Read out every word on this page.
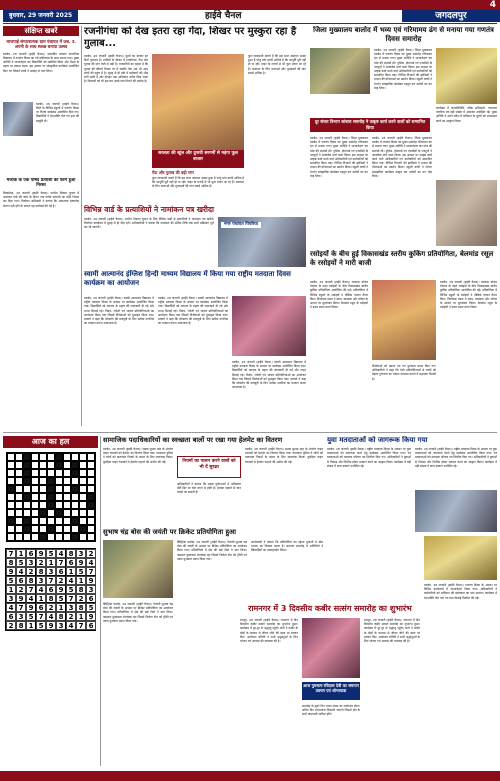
4
बुधवार, 29 जनवरी 2025	हाईवे चैनल	जगदलपुर
संक्षिप्त खबरें
भाजपाई संगठनात्मक ग्राम पंचायत में जब. उ. अपनी के साथ स्वच्छ बनाया उत्सव
बालोद, 28 जनवरी (हाईवे चैनल)। शासकीय उच्चतर माध्यमिक विद्यालय में गणतंत्र दिवस का पर्व हर्षोल्लास के साथ मनाया गया। मुख्य अतिथि ने ध्वजारोहण कर विद्यार्थियों को संबोधित किया और शिक्षा के महत्व पर प्रकाश डाला। इस अवसर पर सांस्कृतिक कार्यक्रम आयोजित किए गए जिसमें बच्चों ने उत्साह से भाग लिया।
बालोद, 28 जनवरी (हाईवे चैनल)। जिले के विभिन्न स्कूलों में गणतंत्र दिवस पर विशेष कार्यक्रम आयोजित किए गए। विद्यार्थियों ने देशभक्ति गीत एवं नृत्य की प्रस्तुति दी।
मजाक के एक पार्षद प्रत्याशी का फॉर्म हुआ निरस्त
बिलाईगढ़, 28 जनवरी (हाईवे चैनल)। नगरीय निकाय चुनाव में नामांकन पत्रों की जांच के दौरान एक पार्षद प्रत्याशी का फॉर्म निरस्त कर दिया गया। निर्वाचन अधिकारी ने बताया कि आवश्यक दस्तावेज संलग्न नहीं होने के कारण यह कार्रवाई की गई है।
रजनीगंधा को देख इतरा रहा गेंदा, शिखर पर मुस्कुरा रहा है गुलाब...
बालोद, 28 जनवरी (हाईवे चैनल)। फूलों का बाजार इन दिनों गुलजार है। शादियों के सीजन में रजनीगंधा, गेंदा और गुलाब की मांग तेजी से बढ़ी है। व्यापारियों का कहना है कि गुलाब की कीमतें शिखर पर हैं जबकि गेंदा अब भी आम लोगों की पहुंच में है। सुबह से ही मंडी में खरीदारों की भीड़ लगी रहती है और दोपहर तक अधिकांश स्टॉक बिक जाता है। किसानों को भी इस बार अच्छे दाम मिलने की उम्मीद है।
सरलता की खूंज और दुनावी सरगर्मी से महंगा फूल बाजार
गेंदा और गुलाब की बढ़ी मांग
फूल व्यवसायी बताते हैं कि इस साल उत्पादन अच्छा हुआ है परंतु मांग इतनी अधिक है कि आपूर्ति पूरी नहीं हो पा रही। बाहर के राज्यों से भी फूल मंगाए जा रहे हैं। सजावट के लिए मालाओं और गुलदस्तों की मांग सबसे अधिक है।
फूल व्यवसायी बताते हैं कि इस साल उत्पादन अच्छा हुआ है परंतु मांग इतनी अधिक है कि आपूर्ति पूरी नहीं हो पा रही। बाहर के राज्यों से भी फूल मंगाए जा रहे हैं। सजावट के लिए मालाओं और गुलदस्तों की मांग सबसे अधिक है।
विभिन्न वार्ड के प्रत्याशियों ने नामांकन पत्र खरीदा
बालोद, 28 जनवरी (हाईवे चैनल)। नगरीय निकाय चुनाव के लिए विभिन्न वार्डों से प्रत्याशियों ने नामांकन पत्र खरीदे। निर्वाचन कार्यालय में सुबह से ही भीड़ रही। अधिकारियों ने बताया कि नामांकन की अंतिम तिथि तक सभी प्रक्रियाएं पूर्ण कर ली जाएंगी।
नगर पंचायत पिपरिया
स्वामी आत्मानंद इंग्लिश हिन्दी माध्यम विद्यालय में किया गया राष्ट्रीय मतदाता दिवस कार्यक्रम का आयोजन
बालोद, 28 जनवरी (हाईवे चैनल)। स्वामी आत्मानंद विद्यालय में राष्ट्रीय मतदाता दिवस के अवसर पर कार्यक्रम आयोजित किया गया। विद्यार्थियों को मतदान के महत्व की जानकारी दी गई और शपथ दिलाई गई। निबंध, रंगोली एवं भाषण प्रतियोगिताओं का आयोजन किया गया जिसमें विजेताओं को पुरस्कृत किया गया। प्राचार्य ने कहा कि लोकतंत्र की मजबूती के लिए प्रत्येक नागरिक का मतदान करना आवश्यक है।
बालोद, 28 जनवरी (हाईवे चैनल)। स्वामी आत्मानंद विद्यालय में राष्ट्रीय मतदाता दिवस के अवसर पर कार्यक्रम आयोजित किया गया। विद्यार्थियों को मतदान के महत्व की जानकारी दी गई और शपथ दिलाई गई। निबंध, रंगोली एवं भाषण प्रतियोगिताओं का आयोजन किया गया जिसमें विजेताओं को पुरस्कृत किया गया। प्राचार्य ने कहा कि लोकतंत्र की मजबूती के लिए प्रत्येक नागरिक का मतदान करना आवश्यक है।
बालोद, 28 जनवरी (हाईवे चैनल)। स्वामी आत्मानंद विद्यालय में राष्ट्रीय मतदाता दिवस के अवसर पर कार्यक्रम आयोजित किया गया। विद्यार्थियों को मतदान के महत्व की जानकारी दी गई और शपथ दिलाई गई। निबंध, रंगोली एवं भाषण प्रतियोगिताओं का आयोजन किया गया जिसमें विजेताओं को पुरस्कृत किया गया। प्राचार्य ने कहा कि लोकतंत्र की मजबूती के लिए प्रत्येक नागरिक का मतदान करना आवश्यक है।
जिला मुख्यालय बालोद में भव्य एवं गरिमामय ढंग से मनाया गया गणतंत्र दिवस समारोह
बालोद, 28 जनवरी (हाईवे चैनल)। जिला मुख्यालय बालोद में गणतंत्र दिवस का मुख्य समारोह गरिमामय ढंग से मनाया गया। मुख्य अतिथि ने ध्वजारोहण कर परेड की सलामी ली। पुलिस, होमगार्ड एवं एनसीसी के प्लाटूनों ने आकर्षक मार्च पास्ट किया। इस अवसर पर उत्कृष्ट कार्य करने वाले अधिकारियों एवं कर्मचारियों को सम्मानित किया गया। विभिन्न विभागों की झांकियों ने शासन की योजनाओं का प्रदर्शन किया। स्कूली बच्चों ने रंगारंग सांस्कृतिक कार्यक्रम प्रस्तुत कर दर्शकों का मन मोह लिया।
दूर संचार विभाग सांबारा समारोह ने उत्कृष्ट कार्य करने वालों को सम्मानित किया
कार्यक्रम में जनप्रतिनिधि, वरिष्ठ अधिकारी, गणमान्य नागरिक एवं बड़ी संख्या में आमजन उपस्थित रहे। मुख्य अतिथि ने अपने संदेश में संविधान के मूल्यों को आत्मसात करने का आह्वान किया।
बालोद, 28 जनवरी (हाईवे चैनल)। जिला मुख्यालय बालोद में गणतंत्र दिवस का मुख्य समारोह गरिमामय ढंग से मनाया गया। मुख्य अतिथि ने ध्वजारोहण कर परेड की सलामी ली। पुलिस, होमगार्ड एवं एनसीसी के प्लाटूनों ने आकर्षक मार्च पास्ट किया। इस अवसर पर उत्कृष्ट कार्य करने वाले अधिकारियों एवं कर्मचारियों को सम्मानित किया गया। विभिन्न विभागों की झांकियों ने शासन की योजनाओं का प्रदर्शन किया। स्कूली बच्चों ने रंगारंग सांस्कृतिक कार्यक्रम प्रस्तुत कर दर्शकों का मन मोह लिया।
बालोद, 28 जनवरी (हाईवे चैनल)। जिला मुख्यालय बालोद में गणतंत्र दिवस का मुख्य समारोह गरिमामय ढंग से मनाया गया। मुख्य अतिथि ने ध्वजारोहण कर परेड की सलामी ली। पुलिस, होमगार्ड एवं एनसीसी के प्लाटूनों ने आकर्षक मार्च पास्ट किया। इस अवसर पर उत्कृष्ट कार्य करने वाले अधिकारियों एवं कर्मचारियों को सम्मानित किया गया। विभिन्न विभागों की झांकियों ने शासन की योजनाओं का प्रदर्शन किया। स्कूली बच्चों ने रंगारंग सांस्कृतिक कार्यक्रम प्रस्तुत कर दर्शकों का मन मोह लिया।
रसोइयों के बीच हुई विकासखंड स्तरीय कुकिंग प्रतियोगिता, बेलमांड रसूल के रसोइयों ने मारी बाजी
बालोद, 28 जनवरी (हाईवे चैनल)। मध्यान्ह भोजन योजना के तहत रसोइयों के बीच विकासखंड स्तरीय कुकिंग प्रतियोगिता आयोजित की गई। प्रतियोगिता में विभिन्न स्कूलों के रसोइयों ने पौष्टिक व्यंजन तैयार किए। निर्णायक मंडल ने स्वाद, स्वच्छता और पोषण के आधार पर मूल्यांकन किया। बेलमांड रसूल के रसोइयों ने प्रथम स्थान प्राप्त किया।
बालोद, 28 जनवरी (हाईवे चैनल)। मध्यान्ह भोजन योजना के तहत रसोइयों के बीच विकासखंड स्तरीय कुकिंग प्रतियोगिता आयोजित की गई। प्रतियोगिता में विभिन्न स्कूलों के रसोइयों ने पौष्टिक व्यंजन तैयार किए। निर्णायक मंडल ने स्वाद, स्वच्छता और पोषण के आधार पर मूल्यांकन किया। बेलमांड रसूल के रसोइयों ने प्रथम स्थान प्राप्त किया।
विजेताओं को प्रमाण पत्र एवं पुरस्कार प्रदान किए गए। अधिकारियों ने कहा कि ऐसी प्रतियोगिताओं से बच्चों को बेहतर गुणवत्ता का भोजन उपलब्ध कराने में सहायता मिलती है।
आज का हल
7 1 6 9 5 4 8 3 2
8 5 3 2 1 7 6 9 4
9 4 2 8 3 6 1 5 7
5 6 8 3 7 2 4 1 9
1 2 7 4 6 9 5 8 3
3 9 4 1 8 5 7 2 6
4 7 9 6 2 1 3 8 5
6 3 5 7 4 8 2 1 9
2 8 1 5 9 3 4 7 6
सामाजिक पदाधिकारियों का स्वच्छता बालों पर रखा गया हेलमेट का वितरण
बालोद, 28 जनवरी (हाईवे चैनल)। सड़क सुरक्षा माह के अंतर्गत वाहन चालकों को हेलमेट का वितरण किया गया। यातायात पुलिस ने लोगों को यातायात नियमों के पालन के लिए जागरूक किया। दुपहिया वाहन चालकों से हेलमेट पहनने की अपील की गई।	नियमों का पालन करने वालों को भी दें सुरक्षा
अधिकारियों ने बताया कि सड़क दुर्घटनाओं में अधिकतर मौतें सिर पर चोट लगने से होती हैं। हेलमेट पहनने से जान बचाई जा सकती है।
बालोद, 28 जनवरी (हाईवे चैनल)। सड़क सुरक्षा माह के अंतर्गत वाहन चालकों को हेलमेट का वितरण किया गया। यातायात पुलिस ने लोगों को यातायात नियमों के पालन के लिए जागरूक किया। दुपहिया वाहन चालकों से हेलमेट पहनने की अपील की गई।
युवा मतदाताओं को जागरूक किया गया
बालोद, 28 जनवरी (हाईवे चैनल)। राष्ट्रीय मतदाता दिवस के अवसर पर युवा मतदाताओं को जागरूक करने हेतु कार्यक्रम आयोजित किया गया। नव मतदाताओं को मतदाता परिचय पत्र वितरित किए गए। अधिकारियों ने युवाओं से निष्पक्ष और निर्भीक होकर मतदान करने का आह्वान किया। कार्यक्रम में बड़ी संख्या में छात्र-छात्राएं उपस्थित रहे।
बालोद, 28 जनवरी (हाईवे चैनल)। राष्ट्रीय मतदाता दिवस के अवसर पर युवा मतदाताओं को जागरूक करने हेतु कार्यक्रम आयोजित किया गया। नव मतदाताओं को मतदाता परिचय पत्र वितरित किए गए। अधिकारियों ने युवाओं से निष्पक्ष और निर्भीक होकर मतदान करने का आह्वान किया। कार्यक्रम में बड़ी संख्या में छात्र-छात्राएं उपस्थित रहे।
सुभाष चंद्र बोस की जयंती पर क्रिकेट प्रतियोगिता हुआ
डिस्ट्रिक्ट बालोद, 28 जनवरी (हाईवे चैनल)। नेताजी सुभाष चंद्र बोस की जयंती के अवसर पर क्रिकेट प्रतियोगिता का आयोजन किया गया। प्रतियोगिता में क्षेत्र की कई टीमों ने भाग लिया। फाइनल मुकाबला रोमांचक रहा जिसमें विजेता टीम को ट्रॉफी एवं नकद पुरस्कार प्रदान किया गया।
डिस्ट्रिक्ट बालोद, 28 जनवरी (हाईवे चैनल)। नेताजी सुभाष चंद्र बोस की जयंती के अवसर पर क्रिकेट प्रतियोगिता का आयोजन किया गया। प्रतियोगिता में क्षेत्र की कई टीमों ने भाग लिया। फाइनल मुकाबला रोमांचक रहा जिसमें विजेता टीम को ट्रॉफी एवं नकद पुरस्कार प्रदान किया गया।
आयोजकों ने बताया कि प्रतियोगिता का उद्देश्य युवाओं में खेल भावना का विकास करना है। समापन समारोह में अतिथियों ने खिलाड़ियों का उत्साहवर्धन किया।
रामनगर में 3 दिवसीय कबीर सत्संग समारोह का शुभारंभ
रामपुर, 28 जनवरी (हाईवे चैनल)। रामनगर में तीन दिवसीय कबीर सत्संग समारोह का शुभारंभ हुआ। कार्यक्रम में दूर-दूर से श्रद्धालु पहुंचे। संतों ने कबीर के दोहों के माध्यम से जीवन जीने की कला पर प्रवचन दिए। आयोजन समिति ने सभी श्रद्धालुओं के लिए भोजन एवं आवास की व्यवस्था की है।
आज गुरुसत्य रविदास देवी का समापन प्रवचन एवं शोभायात्रा
समारोह के दूसरे दिन भजन संध्या का आयोजन होगा। अंतिम दिन शोभायात्रा निकाली जाएगी जिसमें क्षेत्र के सभी ग्रामवासी शामिल होंगे।
रामपुर, 28 जनवरी (हाईवे चैनल)। रामनगर में तीन दिवसीय कबीर सत्संग समारोह का शुभारंभ हुआ। कार्यक्रम में दूर-दूर से श्रद्धालु पहुंचे। संतों ने कबीर के दोहों के माध्यम से जीवन जीने की कला पर प्रवचन दिए। आयोजन समिति ने सभी श्रद्धालुओं के लिए भोजन एवं आवास की व्यवस्था की है।
बालोद, 28 जनवरी (हाईवे चैनल)। गणतंत्र दिवस के अवसर पर विभिन्न कार्यालयों में ध्वजारोहण किया गया। अधिकारियों ने कर्मचारियों को संविधान की प्रस्तावना का पाठ कराया। कार्यक्रम में देशभक्ति गीत गाए गए तथा मिठाई वितरित की गई।
